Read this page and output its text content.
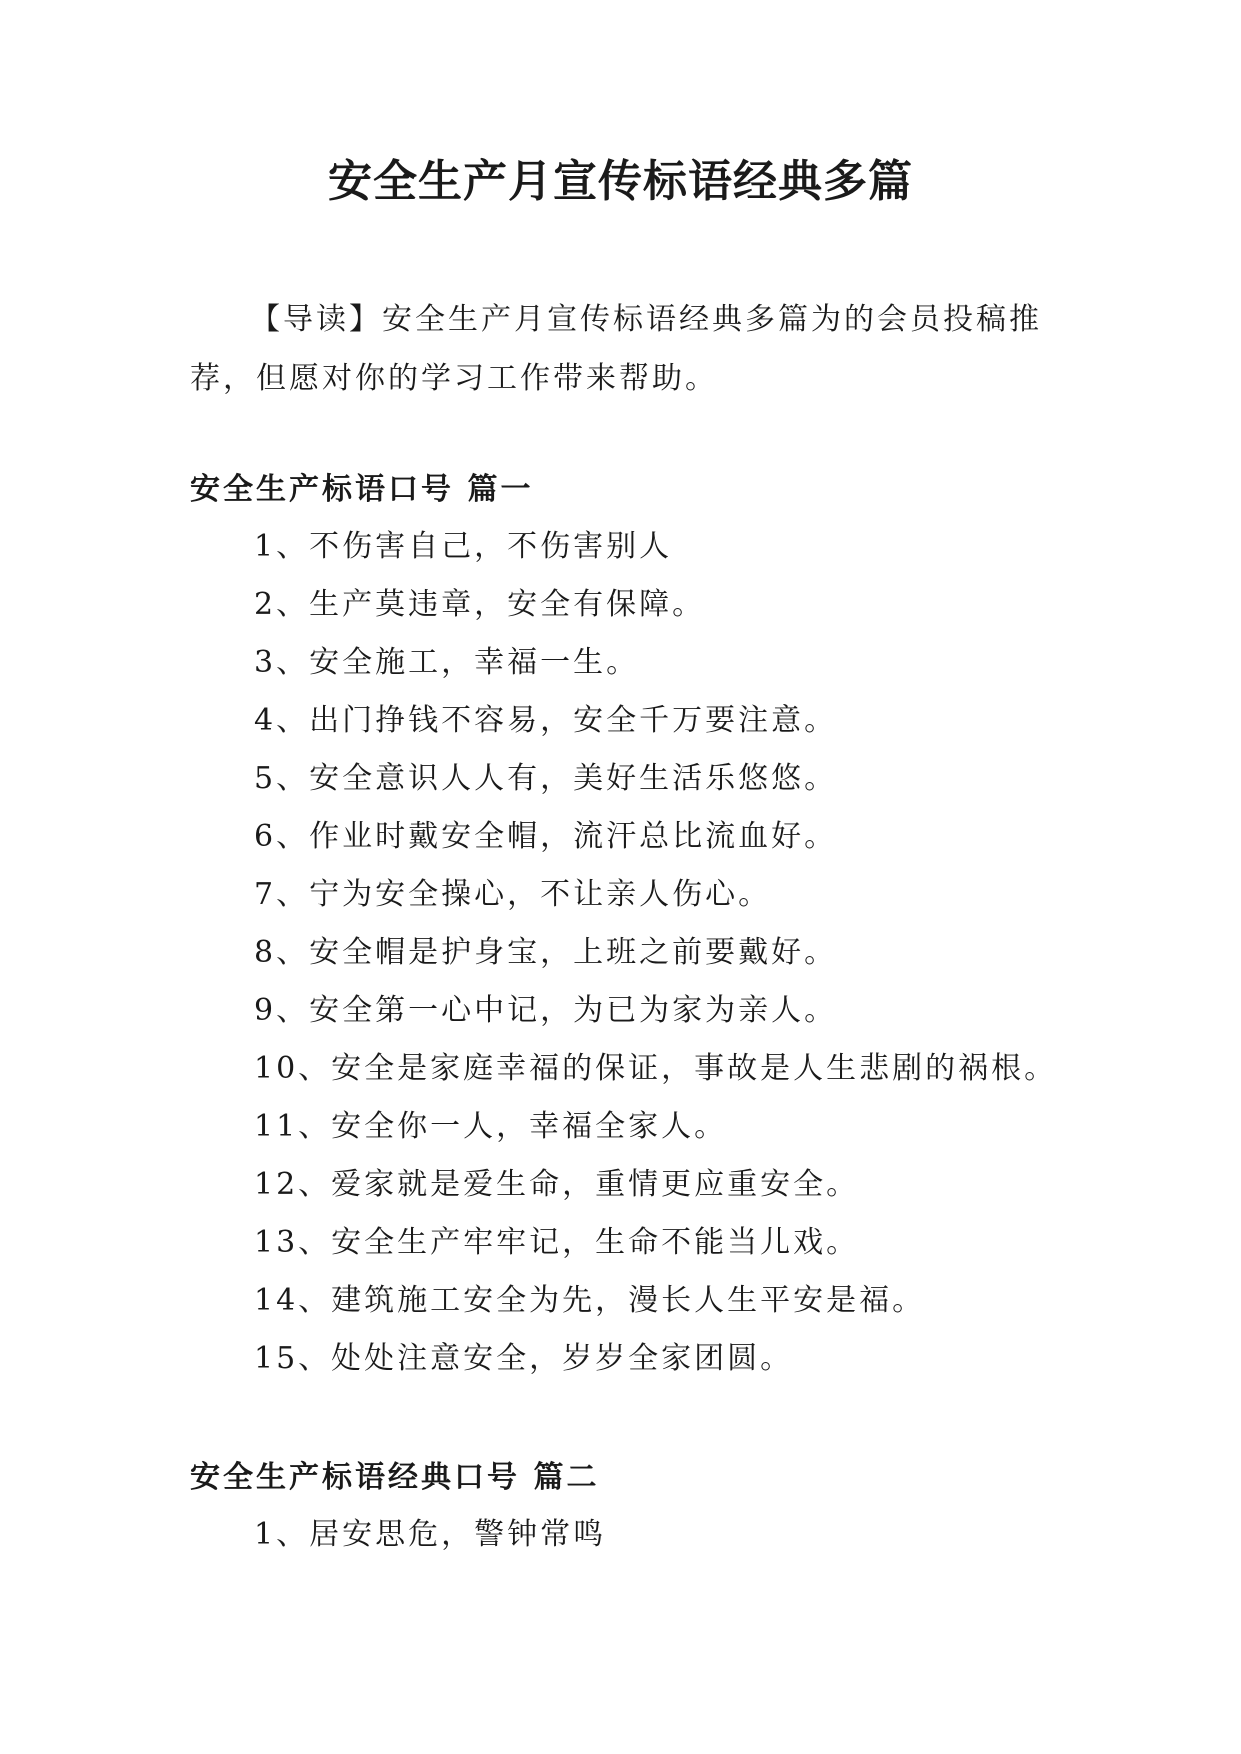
安全生产月宣传标语经典多篇

【导读】安全生产月宣传标语经典多篇为的会员投稿推荐，但愿对你的学习工作带来帮助。

安全生产标语口号 篇一
1、不伤害自己，不伤害别人
2、生产莫违章，安全有保障。
3、安全施工，幸福一生。
4、出门挣钱不容易，安全千万要注意。
5、安全意识人人有，美好生活乐悠悠。
6、作业时戴安全帽，流汗总比流血好。
7、宁为安全操心，不让亲人伤心。
8、安全帽是护身宝，上班之前要戴好。
9、安全第一心中记，为已为家为亲人。
10、安全是家庭幸福的保证，事故是人生悲剧的祸根。
11、安全你一人，幸福全家人。
12、爱家就是爱生命，重情更应重安全。
13、安全生产牢牢记，生命不能当儿戏。
14、建筑施工安全为先，漫长人生平安是福。
15、处处注意安全，岁岁全家团圆。
安全生产标语经典口号 篇二
1、居安思危，警钟常鸣
